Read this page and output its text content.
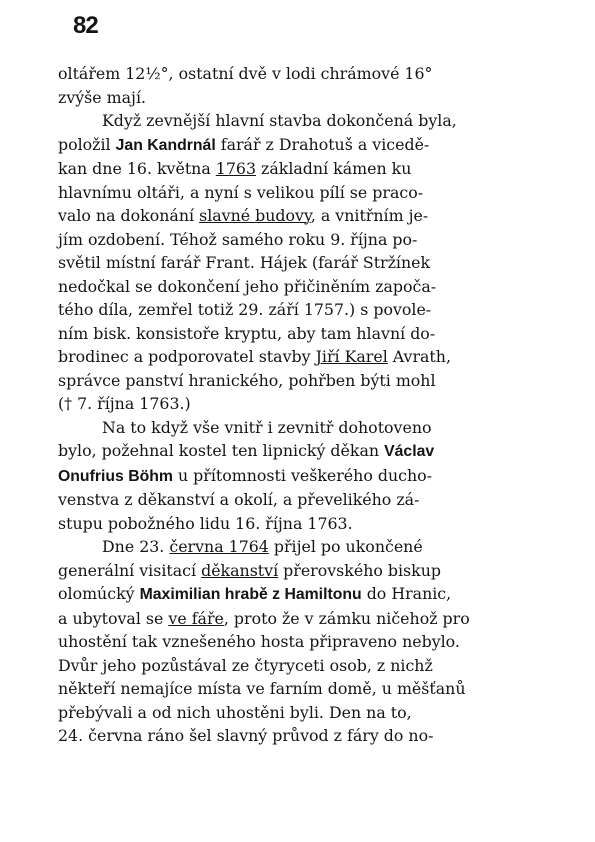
82
oltářem 12½°, ostatní dvě v lodi chrámové 16°
zvýše mají.
Když zevnější hlavní stavba dokončená byla,
položil Jan Kandrnál farář z Drahotuš a vicedě-
kan dne 16. května 1763 základní kámen ku
hlavnímu oltáři, a nyní s velikou pílí se praco-
valo na dokonání slavné budovy, a vnitřním je-
jím ozdobení. Téhož samého roku 9. října po-
světil místní farář Frant. Hájek (farář Stržínek
nedočkal se dokončení jeho přičiněním započa-
tého díla, zemřel totiž 29. září 1757.) s povole-
ním bisk. konsistoře kryptu, aby tam hlavní do-
brodinec a podporovatel stavby Jiří Karel Avrath,
správce panství hranického, pohřben býti mohl
(† 7. října 1763.)
Na to když vše vnitř i zevnitř dohotoveno
bylo, požehnal kostel ten lipnický děkan Václav
Onufrius Böhm u přítomnosti veškerého ducho-
venstva z děkanství a okolí, a převelikého zá-
stupu pobožného lidu 16. října 1763.
Dne 23. června 1764 přijel po ukončené
generální visitací děkanství přerovského biskup
olomúcký Maximilian hrabě z Hamiltonu do Hranic,
a ubytoval se ve fáře, proto že v zámku ničehož pro
uhostění tak vznešeného hosta připraveno nebylo.
Dvůr jeho pozůstával ze čtyryceti osob, z nichž
někteří nemajíce místa ve farním domě, u měšťanů
přebývali a od nich uhostěni byli. Den na to,
24. června ráno šel slavný průvod z fáry do no-
